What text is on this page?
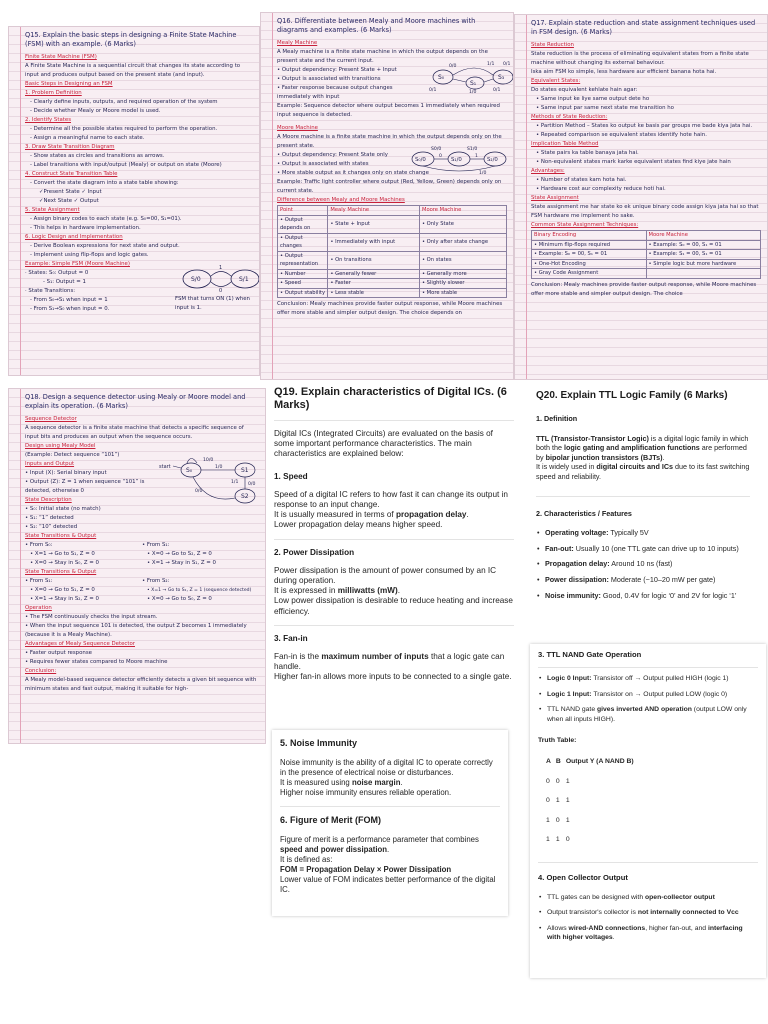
Q15. Explain the basic steps in designing a Finite State Machine (FSM) with an example. (6 Marks)
Finite State Machine (FSM)
A Finite State Machine is a sequential circuit that changes its state according to input and produces output based on the present state (and input).
Basic Steps in Designing an FSM
1. Problem Definition
- Clearly define inputs, outputs, and required operation of the system
- Decide whether Mealy or Moore model is used.
2. Identify States
- Determine all the possible states required to perform the operation.
- Assign a meaningful name to each state.
3. Draw State Transition Diagram
- Show states as circles and transitions as arrows.
- Label transitions with input/output (Mealy) or output on state (Moore)
4. Construct State Transition Table
- Convert the state diagram into a state table showing:
✓Present State ✓ Input
✓Next State ✓ Output
5. State Assignment
- Assign binary codes to each state (e.g. S₀=00, S₁=01).
- This helps in hardware implementation.
6. Logic Design and Implementation
- Derive Boolean expressions for next state and output.
- Implement using flip-flops and logic gates.
Example: Simple FSM (Moore Machine)
· States: S₀: Output = 0
- S₁: Output = 1
· State Transitions:
- From S₀→S₁ when input = 1
- From S₁→S₀ when input = 0.
FSM that turns ON (1) when input is 1.
S/0	S/1
1
0
Q16. Differentiate between Mealy and Moore machines with diagrams and examples. (6 Marks)
Mealy Machine
A Mealy machine is a finite state machine in which the output depends on the present state and the current input.
• Output dependency: Present State + Input
• Output is associated with transitions
• Faster response because output changes immediately with input
S₀
S₁
S₃
0/0	1/1 0/1
1/0
0/1	0/1
Example: Sequence detector where output becomes 1 immediately when required input sequence is detected.
Moore Machine
A Moore machine is a finite state machine in which the output depends only on the present state.
• Output dependency: Present State only
• Output is associated with states
• More stable output as it changes only on state change
S₀/0	S₁/0	S₂/0
S0/0	S1/0
1/0
0	1
Example: Traffic light controller where output (Red, Yellow, Green) depends only on current state.
Difference between Mealy and Moore Machines
Point	Mealy Machine	Moore Machine
• Output depends on	• State + Input	• Only State
• Output changes	• Immediately with input	• Only after state change
• Output representation	• On transitions	• On states
• Number	• Generally fewer	• Generally more
• Speed	• Faster	• Slightly slower
• Output stability	• Less stable	• More stable
Conclusion: Mealy machines provide faster output response, while Moore machines offer more stable and simpler output design. The choice depends on
Q17. Explain state reduction and state assignment techniques used in FSM design. (6 Marks)
State Reduction
State reduction is the process of eliminating equivalent states from a finite state machine without changing its external behaviour.
Iska aim FSM ko simple, less hardware aur efficient banana hota hai.
Equivalent States:
Do states equivalent kehlate hain agar:
• Same input ke liye same output dete ho
• Same input par same next state me transition ho
Methods of State Reduction:
• Partition Method – States ko output ke basis par groups me bade kiya jata hai.
• Repeated comparison se equivalent states identify hote hain.
Implication Table Method
• State pairs ka table banaya jata hai.
• Non-equivalent states mark karke equivalent states find kiye jate hain
Advantages:
• Number of states kam hota hai.
• Hardware cost aur complexity reduce hoti hai.
State Assignment
State assignment me har state ko ek unique binary code assign kiya jata hai so that FSM hardware me implement ho sake.
Common State Assignment Techniques:
Binary Encoding	Moore Machine
• Minimum flip-flops required	• Example: S₀ = 00, S₁ = 01
• Example: S₀ = 00, S₁ = 01	• Example: S₁ = 00, S₁ = 01
• One-Hot Encoding	• Simple logic but more hardware
• Gray Code Assignment	
Conclusion: Mealy machines provide faster output response, while Moore machines offer more stable and simpler output design. The choice
Q18. Design a sequence detector using Mealy or Moore model and explain its operation. (6 Marks)
Sequence Detector
A sequence detector is a finite state machine that detects a specific sequence of input bits and produces an output when the sequence occurs.
Design using Mealy Model
(Example: Detect sequence “101”)
Inputs and Output
• Input (X): Serial binary input
• Output (Z): Z = 1 when sequence “101” is detected, otherwise 0
start	S₀	S1
S2
10/0
1/0
0/0
1/1
0/0
State Description
• S₀: Initial state (no match)
• S₁: “1” detected
• S₂: “10” detected
State Transitions & Output
• From S₀:
• X=1 → Go to S₁, Z = 0
• X=0 → Stay in S₀, Z = 0
• From S₁:
• X=0 → Go to S₂, Z = 0
• X=1 → Stay in S₁, Z = 0
State Transitions & Output
• From S₁:
• X=0 → Go to S₁, Z = 0
• X=1 → Stay in S₂, Z = 0
• From S₂:
• X=1 → Go to S₁, Z = 1 (sequence detected)
• X=0 → Go to S₀, Z = 0
Operation
• The FSM continuously checks the input stream.
• When the input sequence 101 is detected, the output Z becomes 1 immediately (because it is a Mealy Machine).
Advantages of Mealy Sequence Detector
• Faster output response
• Requires fewer states compared to Moore machine
Conclusion:
A Mealy model-based sequence detector efficiently detects a given bit sequence with minimum states and fast output, making it suitable for high-
Q19. Explain characteristics of Digital ICs. (6 Marks)

Digital ICs (Integrated Circuits) are evaluated on the basis of some important performance characteristics. The main characteristics are explained below:

1. Speed

Speed of a digital IC refers to how fast it can change its output in response to an input change.

It is usually measured in terms of propagation delay.

Lower propagation delay means higher speed.

2. Power Dissipation

Power dissipation is the amount of power consumed by an IC during operation.

It is expressed in milliwatts (mW).

Low power dissipation is desirable to reduce heating and increase efficiency.

3. Fan-in

Fan-in is the maximum number of inputs that a logic gate can handle.

Higher fan-in allows more inputs to be connected to a single gate.

5. Noise Immunity

Noise immunity is the ability of a digital IC to operate correctly in the presence of electrical noise or disturbances.

It is measured using noise margin.

Higher noise immunity ensures reliable operation.

6. Figure of Merit (FOM)

Figure of merit is a performance parameter that combines speed and power dissipation.

It is defined as:

FOM = Propagation Delay × Power Dissipation

Lower value of FOM indicates better performance of the digital IC.

Q20. Explain TTL Logic Family (6 Marks)
1. Definition

TTL (Transistor-Transistor Logic) is a digital logic family in which both the logic gating and amplification functions are performed by bipolar junction transistors (BJTs).

It is widely used in digital circuits and ICs due to its fast switching speed and reliability.

2. Characteristics / Features
• Operating voltage: Typically 5V
• Fan-out: Usually 10 (one TTL gate can drive up to 10 inputs)
• Propagation delay: Around 10 ns (fast)
• Power dissipation: Moderate (~10–20 mW per gate)
• Noise immunity: Good, 0.4V for logic ‘0’ and 2V for logic ‘1’
3. TTL NAND Gate Operation
• Logic 0 Input: Transistor off → Output pulled HIGH (logic 1)
• Logic 1 Input: Transistor on → Output pulled LOW (logic 0)
• TTL NAND gate gives inverted AND operation (output LOW only when all inputs HIGH).
Truth Table:
A	B	Output Y (A NAND B)
0	0	1
0	1	1
1	0	1
1	1	0
4. Open Collector Output
• TTL gates can be designed with open-collector output
• Output transistor's collector is not internally connected to Vcc
• Allows wired-AND connections, higher fan-out, and interfacing with higher voltages.
